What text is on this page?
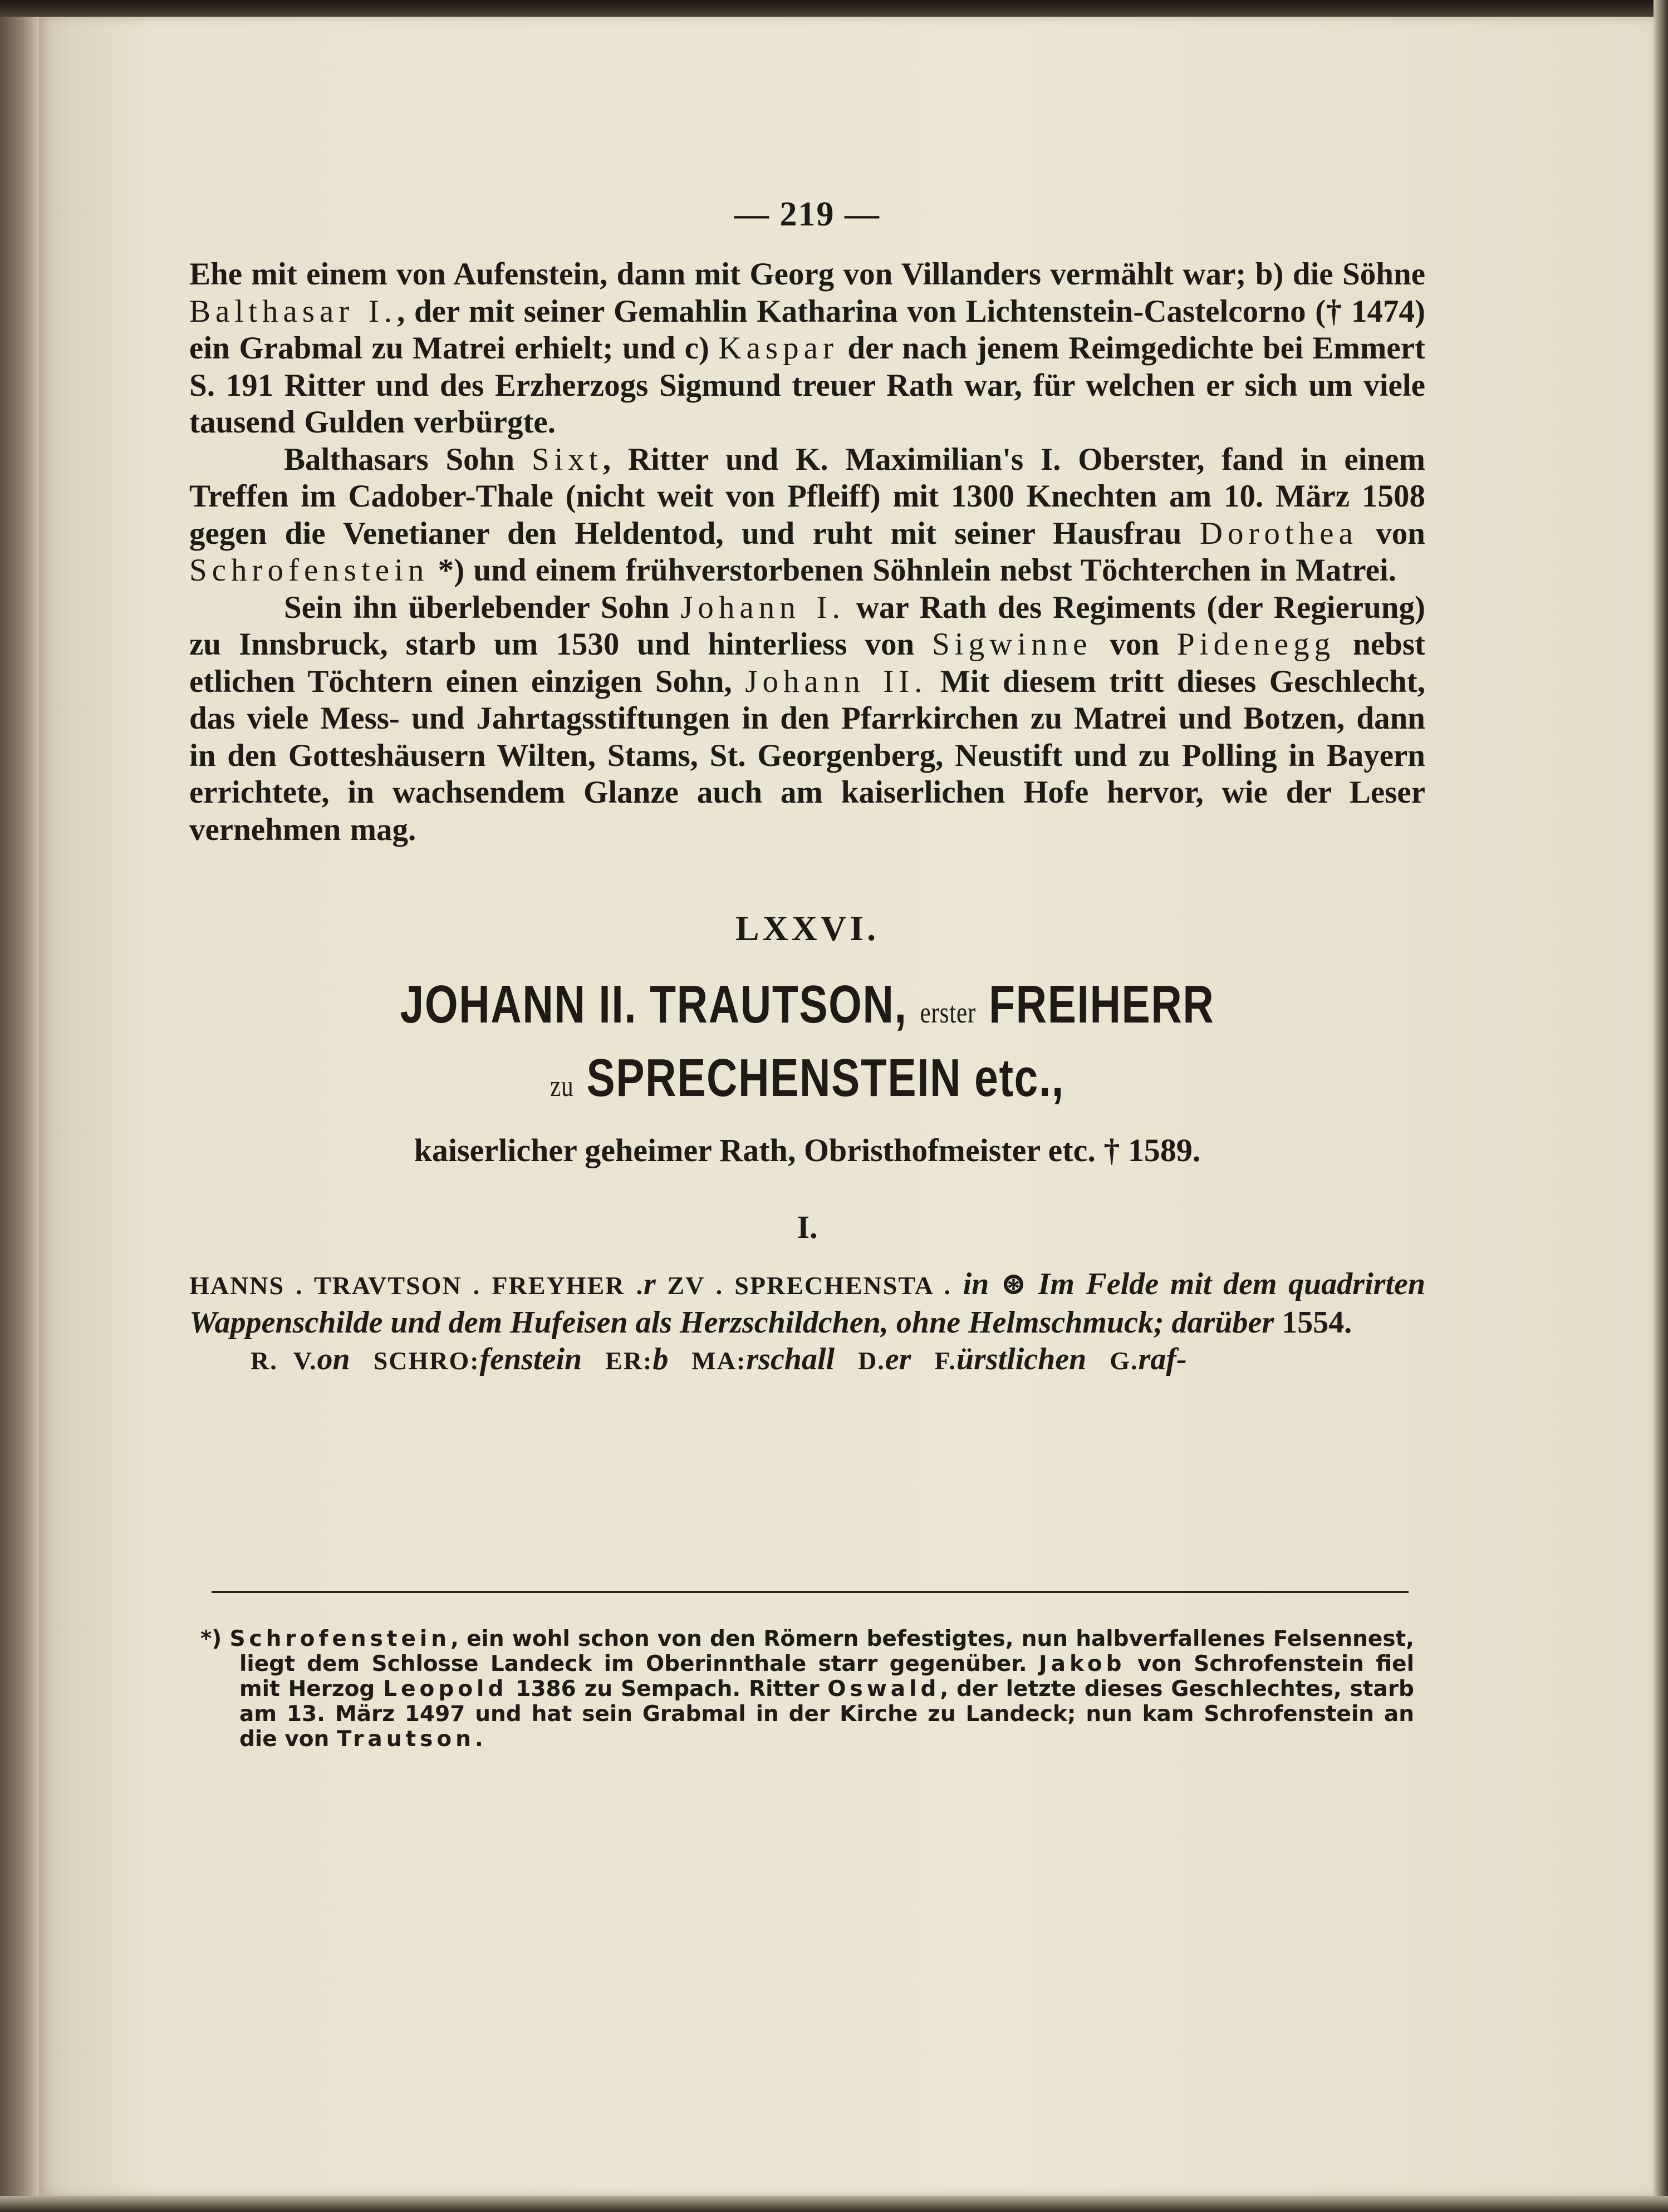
— 219 —

Ehe mit einem von Aufenstein, dann mit Georg von Villanders vermählt war; b) die Söhne Balthasar I., der mit seiner Gemahlin Katharina von Lichtenstein-Castelcorno († 1474) ein Grabmal zu Matrei erhielt; und c) Kaspar der nach jenem Reimgedichte bei Emmert S. 191 Ritter und des Erzherzogs Sigmund treuer Rath war, für welchen er sich um viele tausend Gulden verbürgte.

Balthasars Sohn Sixt, Ritter und K. Maximilian's I. Oberster, fand in einem Treffen im Cadober-Thale (nicht weit von Pfleiff) mit 1300 Knechten am 10. März 1508 gegen die Venetianer den Heldentod, und ruht mit seiner Hausfrau Dorothea von Schrofenstein *) und einem frühverstorbenen Söhnlein nebst Töchterchen in Matrei.

Sein ihn überlebender Sohn Johann I. war Rath des Regiments (der Regierung) zu Innsbruck, starb um 1530 und hinterliess von Sigwinne von Pidenegg nebst etlichen Töchtern einen einzigen Sohn, Johann II. Mit diesem tritt dieses Geschlecht, das viele Mess- und Jahrtagsstiftungen in den Pfarrkirchen zu Matrei und Botzen, dann in den Gotteshäusern Wilten, Stams, St. Georgenberg, Neustift und zu Polling in Bayern errichtete, in wachsendem Glanze auch am kaiserlichen Hofe hervor, wie der Leser vernehmen mag.

LXXVI.
JOHANN II. TRAUTSON, erster FREIHERR
zu SPRECHENSTEIN etc.,
kaiserlicher geheimer Rath, Obristhofmeister etc. † 1589.
I.

HANNS . TRAVTSON . FREYHER .r ZV . SPRECHENSTA . in ⊛ Im Felde mit dem quadrirten Wappenschilde und dem Hufeisen als Herzschildchen, ohne Helmschmuck; darüber 1554.

R. V.on SCHRO:fenstein ER:b MA:rschall D.er F.ürstlichen G.raf-

*) Schrofenstein, ein wohl schon von den Römern befestigtes, nun halbverfallenes Felsennest, liegt dem Schlosse Landeck im Oberinnthale starr gegenüber. Jakob von Schrofenstein fiel mit Herzog Leopold 1386 zu Sempach. Ritter Oswald, der letzte dieses Geschlechtes, starb am 13. März 1497 und hat sein Grabmal in der Kirche zu Landeck; nun kam Schrofenstein an die von Trautson.
